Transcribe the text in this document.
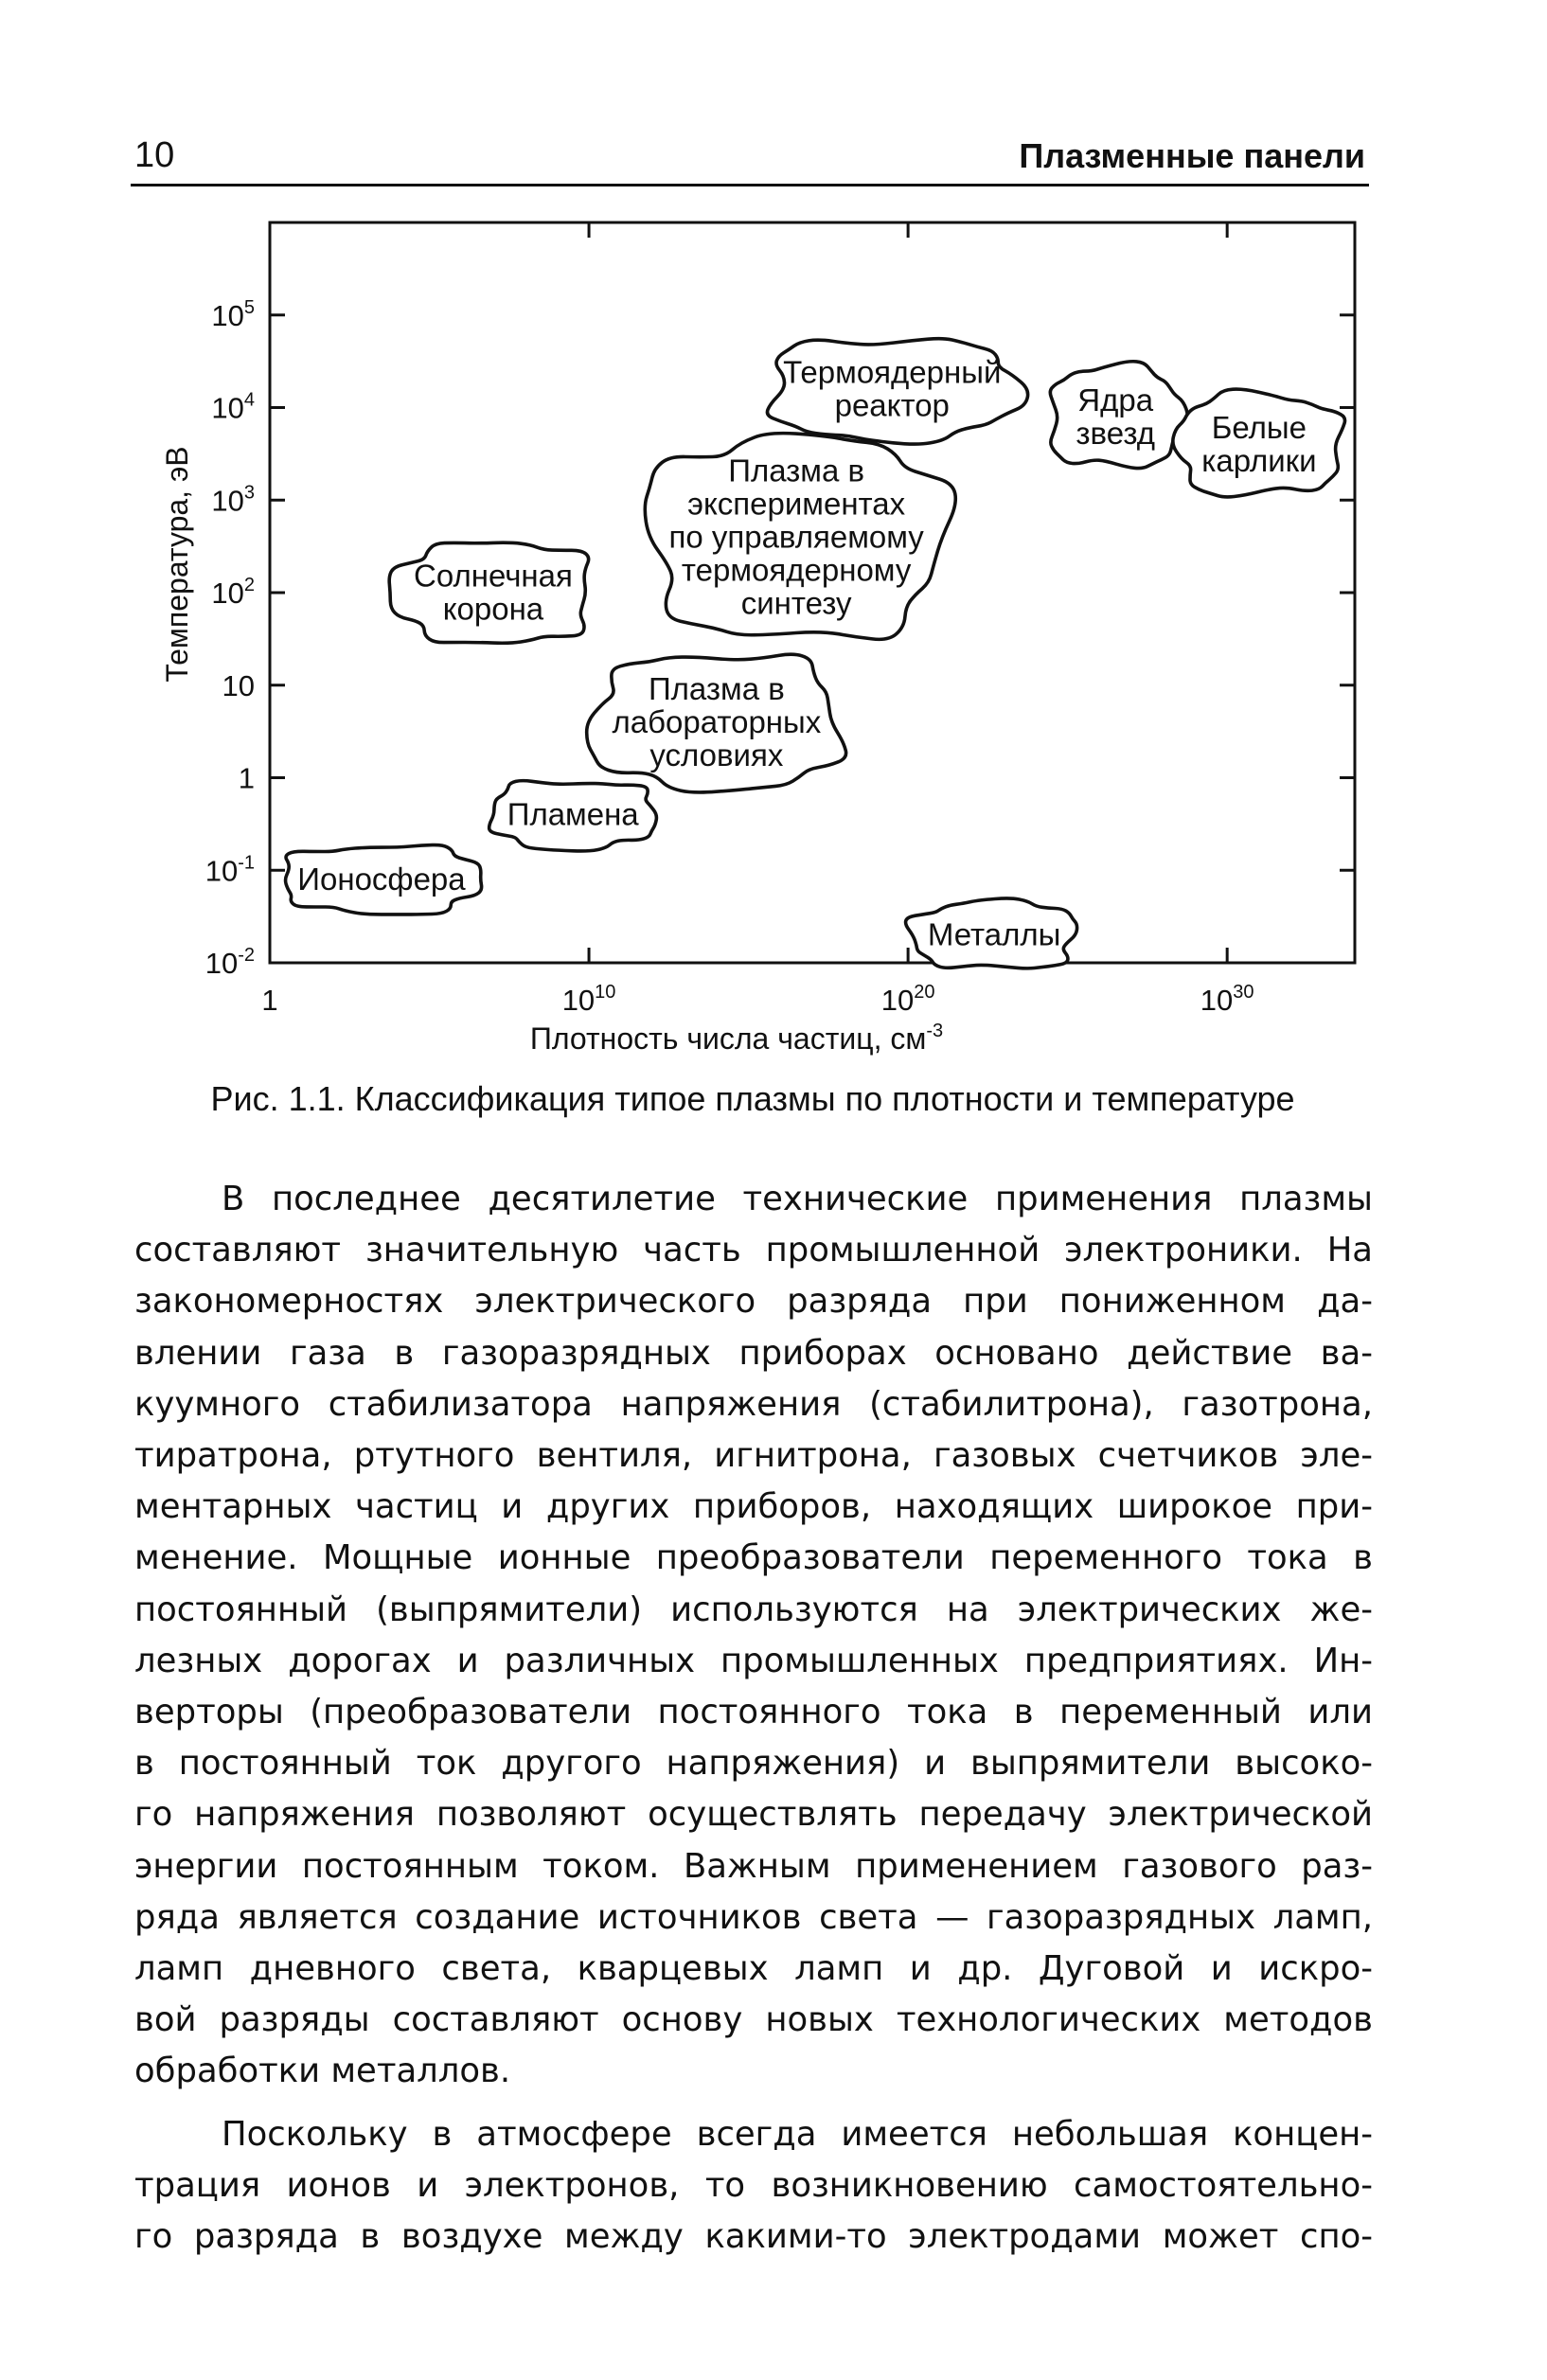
10	Плазменные панели
1	$10^{10}$	$10^{20}$	$10^{30}$
$10^5$
$10^4$
$10^3$
$10^2$
10
1
$10^{-1}$
$10^{-2}$
Плотность числа частиц, $см^{-3}$
Температура, эВ
Термоядерный
реактор
Плазма в
экспериментах
по управляемому
термоядерному
синтезу
Солнечная
корона
Плазма в
лабораторных
условиях
Ядра
звезд Белые
карлики
Пламена
Ионосфера
Металлы
Рис. 1.1. Классификация типое плазмы по плотности и температуре

В последнее десятилетие технические применения плазмы
составляют значительную часть промышленной электроники. На
закономерностях электрического разряда при пониженном да-
влении газа в газоразрядных приборах основано действие ва-
куумного стабилизатора напряжения (стабилитрона), газотрона,
тиратрона, ртутного вентиля, игнитрона, газовых счетчиков эле-
ментарных частиц и других приборов, находящих широкое при-
менение. Мощные ионные преобразователи переменного тока в
постоянный (выпрямители) используются на электрических же-
лезных дорогах и различных промышленных предприятиях. Ин-
верторы (преобразователи постоянного тока в переменный или
в постоянный ток другого напряжения) и выпрямители высоко-
го напряжения позволяют осуществлять передачу электрической
энергии постоянным током. Важным применением газового раз-
ряда является создание источников света — газоразрядных ламп,
ламп дневного света, кварцевых ламп и др. Дуговой и искро-
вой разряды составляют основу новых технологических методов
обработки металлов.

Поскольку в атмосфере всегда имеется небольшая концен-
трация ионов и электронов, то возникновению самостоятельно-
го разряда в воздухе между какими-то электродами может спо-
